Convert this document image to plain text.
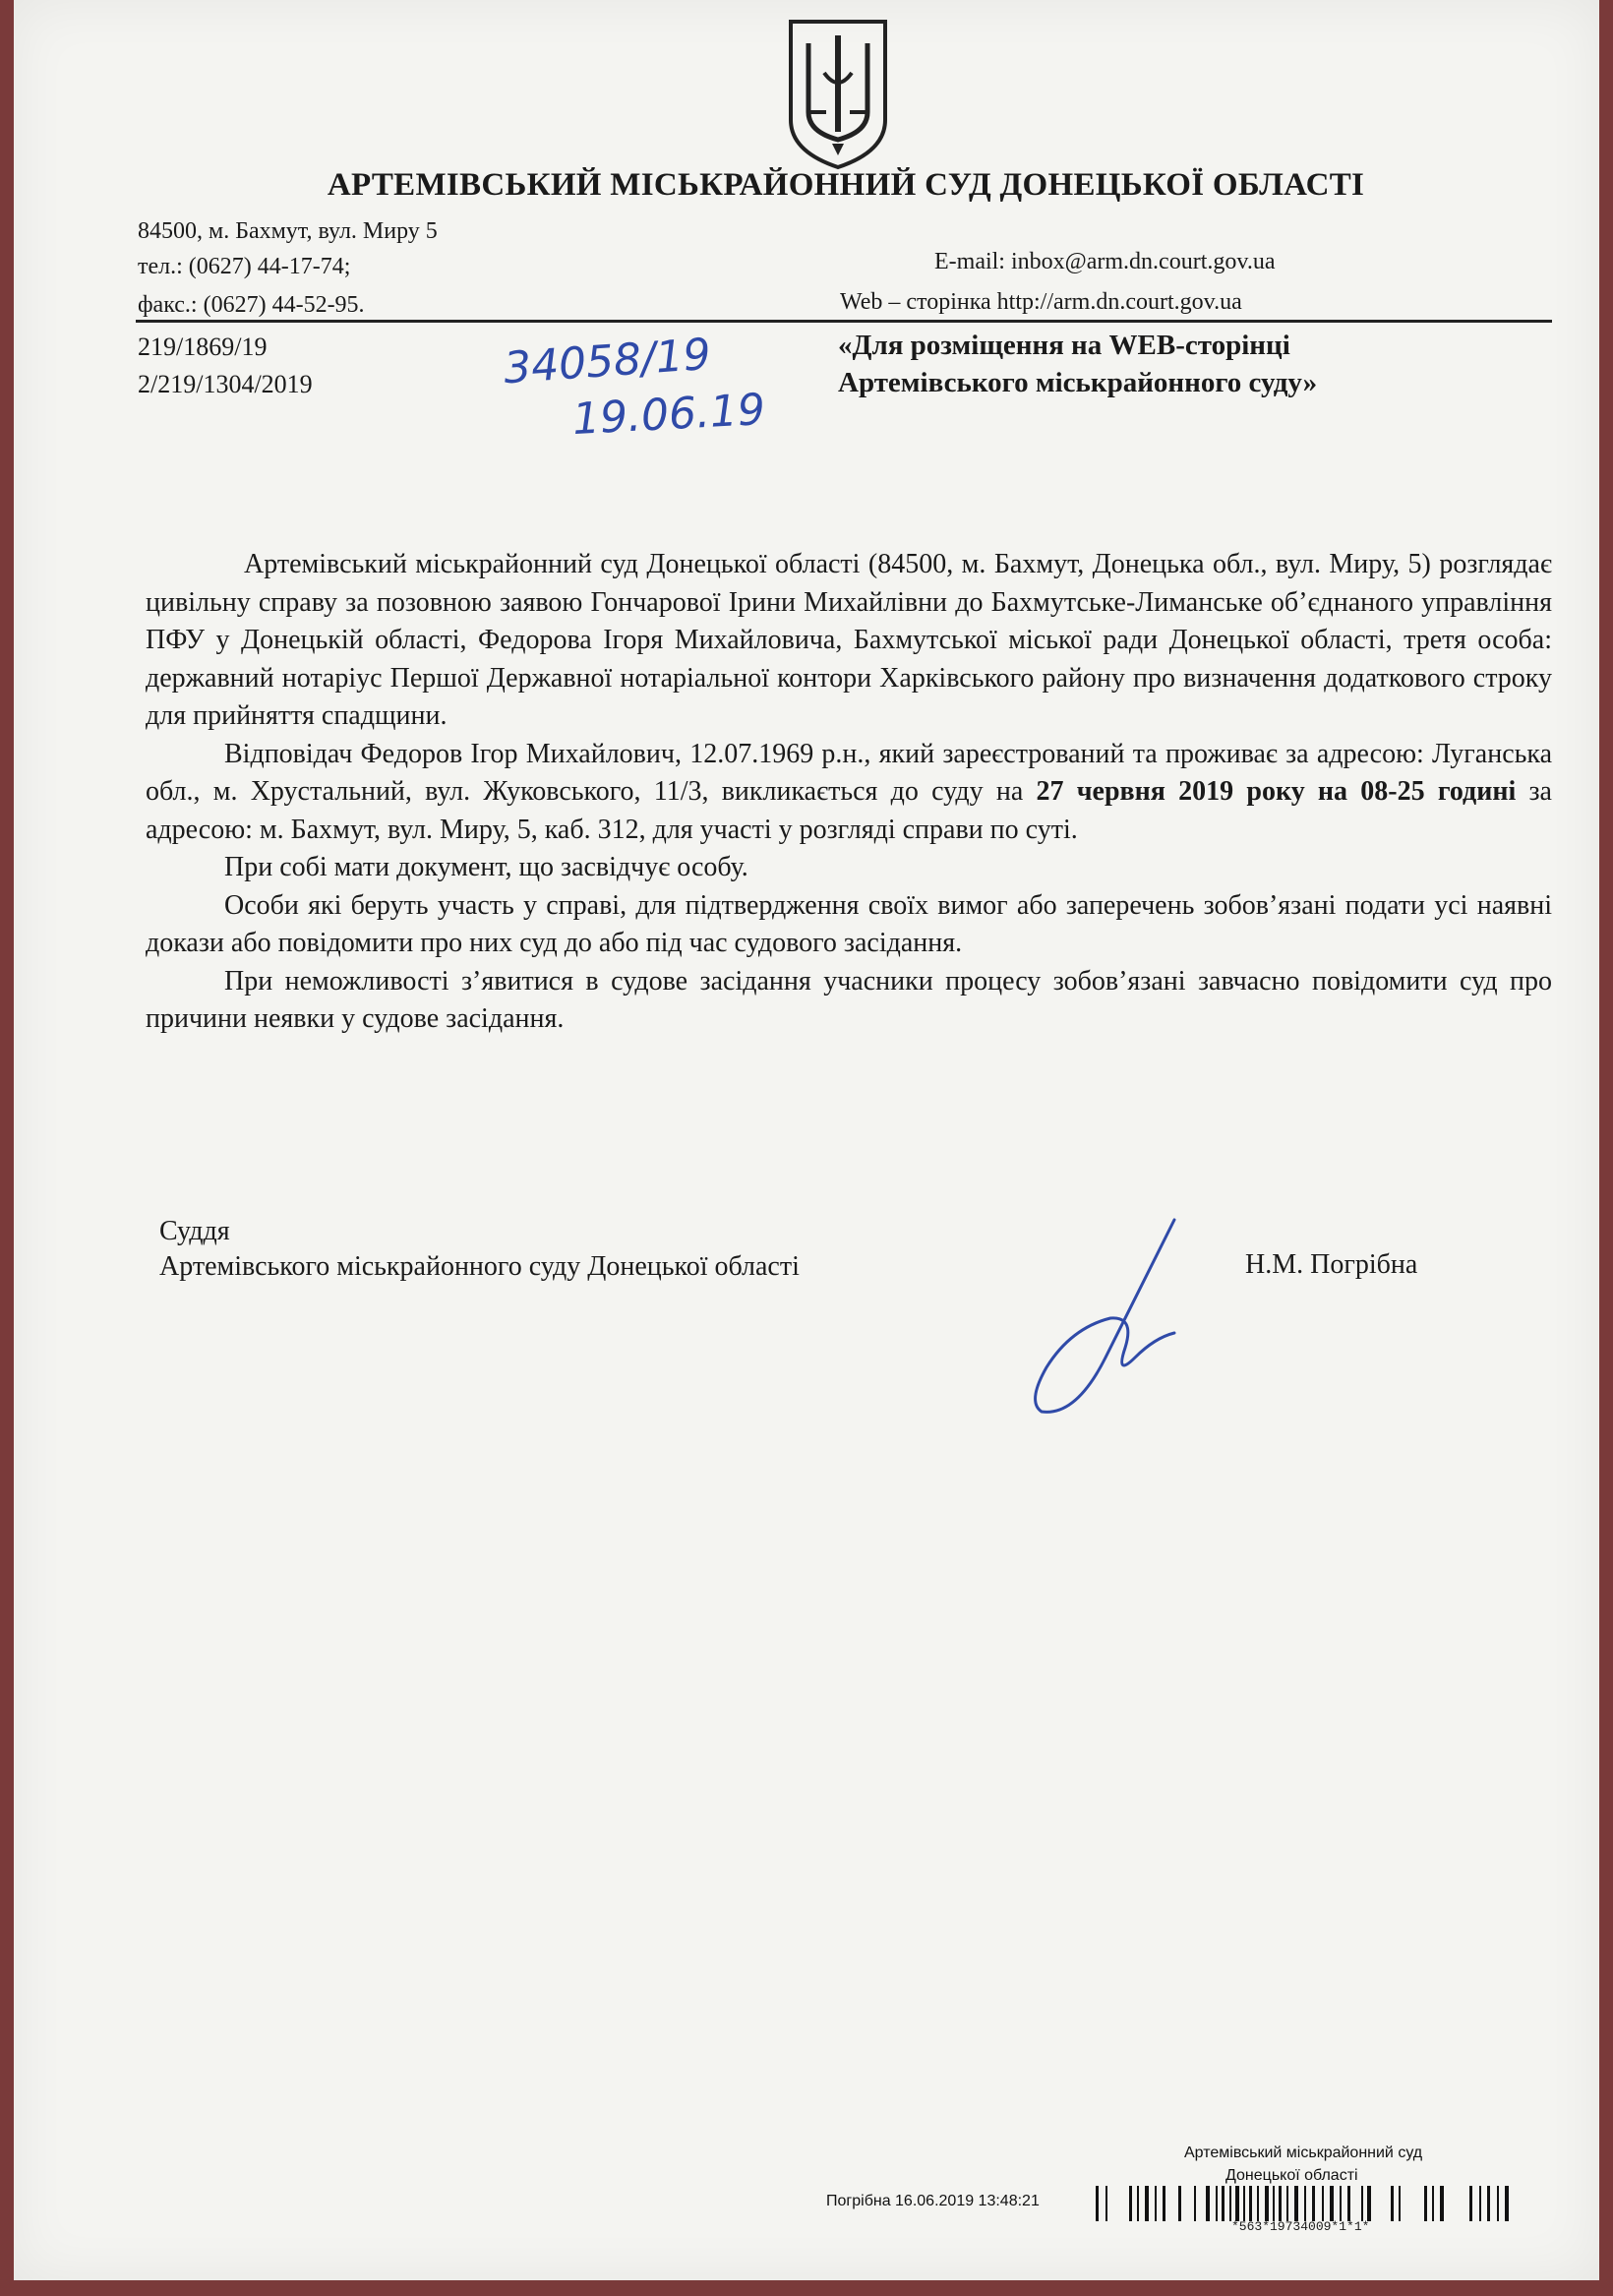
АРТЕМІВСЬКИЙ МІСЬКРАЙОННИЙ СУД ДОНЕЦЬКОЇ ОБЛАСТІ
84500, м. Бахмут, вул. Миру 5
тел.: (0627) 44-17-74;
факс.: (0627) 44-52-95.
E-mail: inbox@arm.dn.court.gov.ua
Web – сторінка http://arm.dn.court.gov.ua
219/1869/19
2/219/1304/2019	34058/19
19.06.19
«Для розміщення на WEB-сторінці
Артемівського міськрайонного суду»

Артемівський міськрайонний суд Донецької області (84500, м. Бахмут, Донецька обл., вул. Миру, 5) розглядає цивільну справу за позовною заявою Гончарової Ірини Михайлівни до Бахмутське-Лиманське об’єднаного управління ПФУ у Донецькій області, Федорова Ігоря Михайловича, Бахмутської міської ради Донецької області, третя особа: державний нотаріус Першої Державної нотаріальної контори Харківського району про визначення додаткового строку для прийняття спадщини.

Відповідач Федоров Ігор Михайлович, 12.07.1969 р.н., який зареєстрований та проживає за адресою: Луганська обл., м. Хрустальний, вул. Жуковського, 11/3, викликається до суду на 27 червня 2019 року на 08-25 годині за адресою: м. Бахмут, вул. Миру, 5, каб. 312, для участі у розгляді справи по суті.

При собі мати документ, що засвідчує особу.

Особи які беруть участь у справі, для підтвердження своїх вимог або заперечень зобов’язані подати усі наявні докази або повідомити про них суд до або під час судового засідання.

При неможливості з’явитися в судове засідання учасники процесу зобов’язані завчасно повідомити суд про причини неявки у судове засідання.

Суддя
Артемівського міськрайонного суду Донецької області	Н.М. Погрібна
Артемівський міськрайонний суд
Донецької області
Погрібна 16.06.2019 13:48:21
*563*19734009*1*1*
